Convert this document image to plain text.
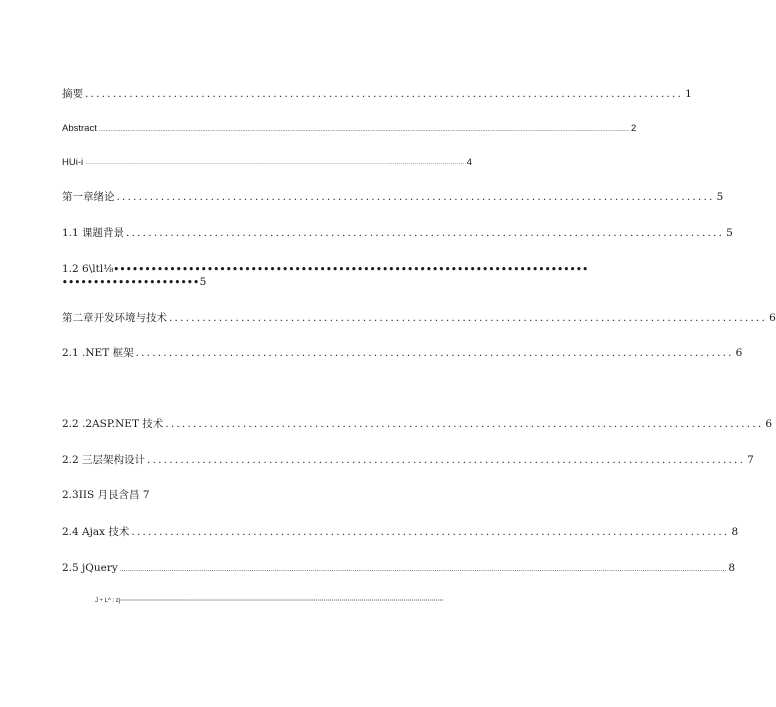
摘要 ............................................................................................................ 1
Abstract .............................................................................................................................................................................................................................................................................................................................. 2
HUi-i ······························································································································································································ 4
第一章绪论 ............................................................................................................ 5
1.1 课题背景 ............................................................................................................ 5
1.2 6\ltl⅛••••••••••••••••••••••••••••••••••••••••••••••••••••••••••••••••••••••••••••
••••••••••••••••••••••5
第二章开发环境与技术 ............................................................................................................ 6
2.1 .NET 框架 ............................................................................................................ 6
2.2 .2ASP.NET 技术 ............................................................................................................ 6
2.2 三层架构设计 ............................................................................................................ 7
2.3IIS 月艮含昌 7
2.4 Ajax 技术 ............................................................................................................ 8
2.5 jQuery .............................................................................................................................................................................................................................................................................................................................. 8
J ÷ L^ : zj··································································································································································
